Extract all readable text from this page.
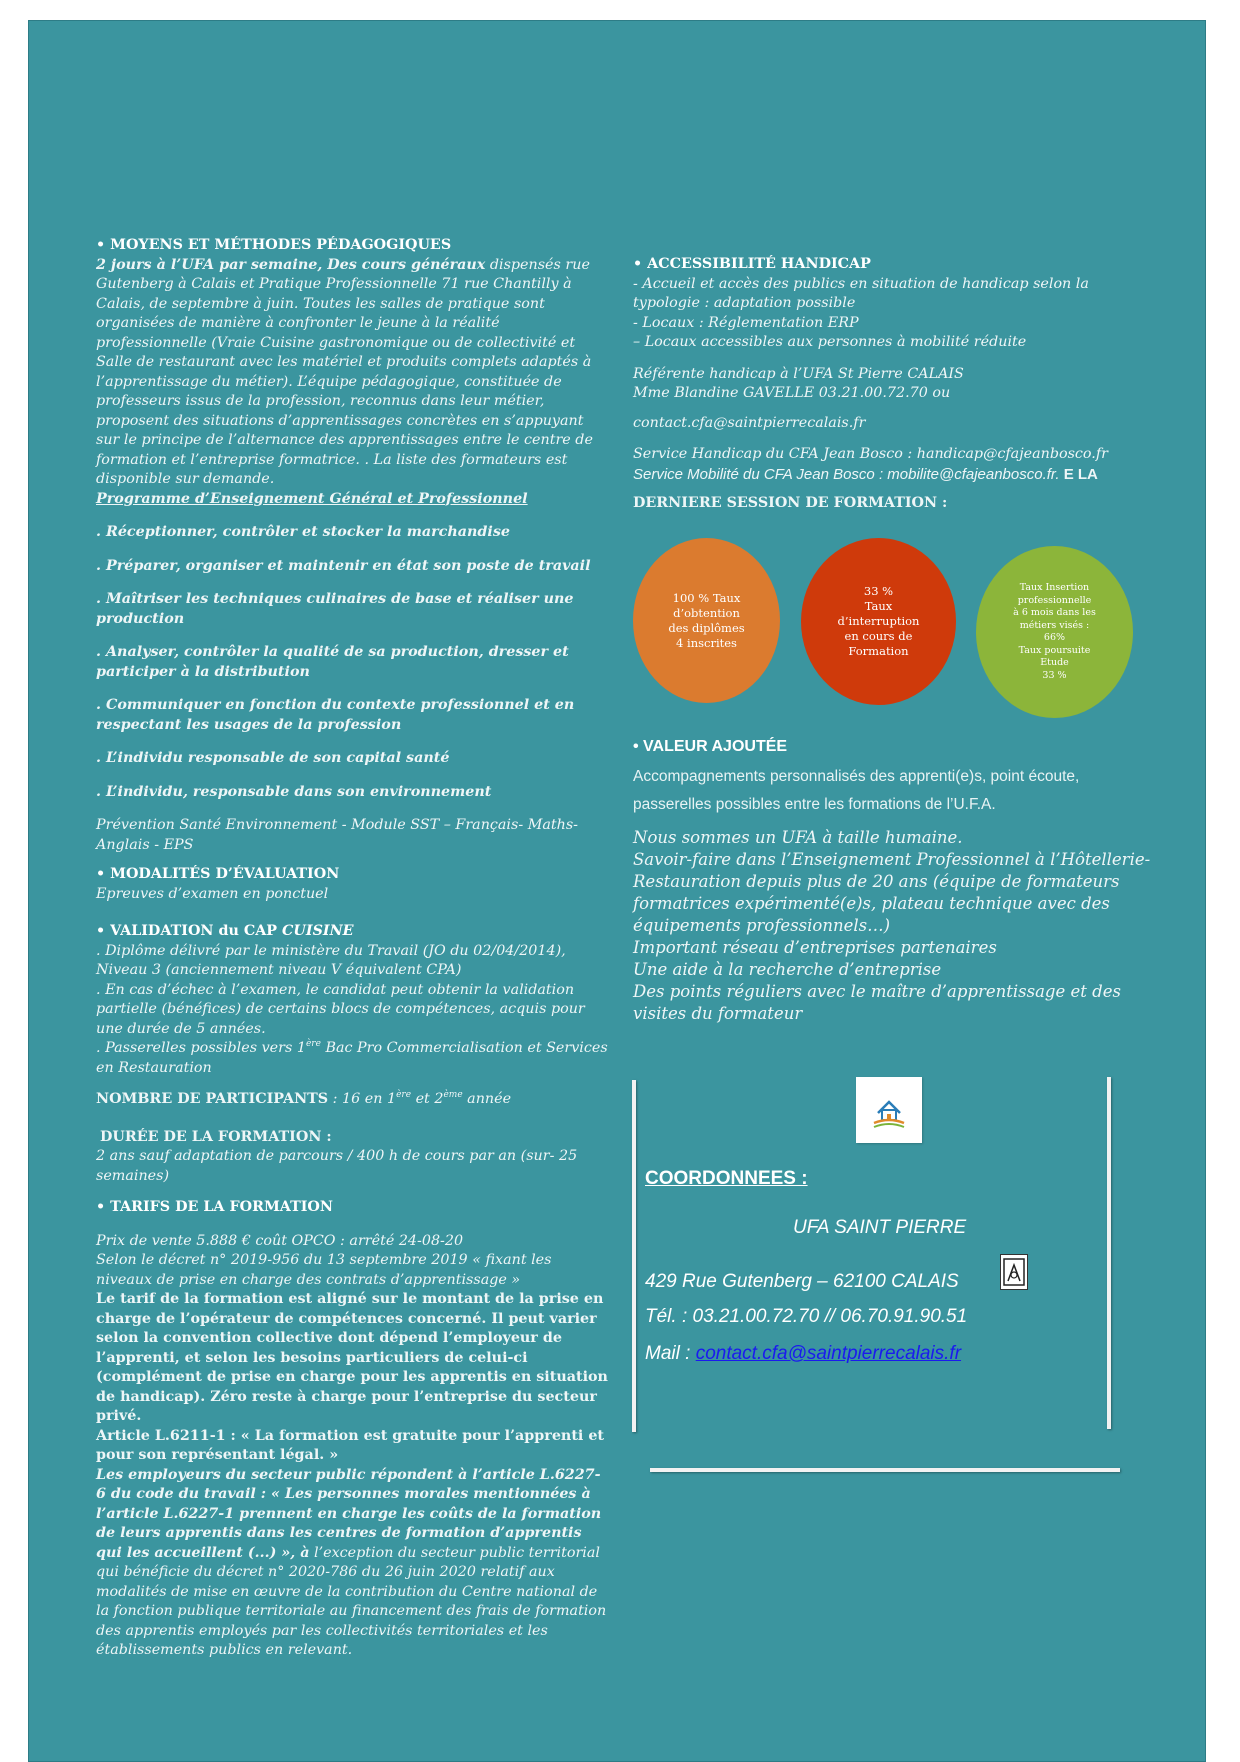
• MOYENS ET MÉTHODES PÉDAGOGIQUES

2 jours à l’UFA par semaine, Des cours généraux dispensés rue Gutenberg à Calais et Pratique Professionnelle 71 rue Chantilly à Calais, de septembre à juin. Toutes les salles de pratique sont organisées de manière à confronter le jeune à la réalité professionnelle (Vraie Cuisine gastronomique ou de collectivité et Salle de restaurant avec les matériel et produits complets adaptés à l’apprentissage du métier). L’équipe pédagogique, constituée de professeurs issus de la profession, reconnus dans leur métier, proposent des situations d’apprentissages concrètes en s’appuyant sur le principe de l’alternance des apprentissages entre le centre de formation et l’entreprise formatrice. . La liste des formateurs est disponible sur demande.

Programme d’Enseignement Général et Professionnel

. Réceptionner, contrôler et stocker la marchandise

. Préparer, organiser et maintenir en état son poste de travail

. Maîtriser les techniques culinaires de base et réaliser une production

. Analyser, contrôler la qualité de sa production, dresser et participer à la distribution

. Communiquer en fonction du contexte professionnel et en respectant les usages de la profession

. L’individu responsable de son capital santé

. L’individu, responsable dans son environnement

Prévention Santé Environnement - Module SST – Français- Maths- Anglais - EPS

• MODALITÉS D’ÉVALUATION

Epreuves d’examen en ponctuel

• VALIDATION du CAP CUISINE

. Diplôme délivré par le ministère du Travail (JO du 02/04/2014), Niveau 3 (anciennement niveau V équivalent CPA)

. En cas d’échec à l’examen, le candidat peut obtenir la validation partielle (bénéfices) de certains blocs de compétences, acquis pour une durée de 5 années.

. Passerelles possibles vers 1ère Bac Pro Commercialisation et Services en Restauration

NOMBRE DE PARTICIPANTS : 16 en 1ère et 2ème année

DURÉE DE LA FORMATION :

2 ans sauf adaptation de parcours / 400 h de cours par an (sur- 25 semaines)

• TARIFS DE LA FORMATION

Prix de vente 5.888 € coût OPCO : arrêté 24-08-20

Selon le décret n° 2019-956 du 13 septembre 2019 « fixant les niveaux de prise en charge des contrats d’apprentissage »

Le tarif de la formation est aligné sur le montant de la prise en charge de l’opérateur de compétences concerné. Il peut varier selon la convention collective dont dépend l’employeur de l’apprenti, et selon les besoins particuliers de celui-ci (complément de prise en charge pour les apprentis en situation de handicap). Zéro reste à charge pour l’entreprise du secteur privé.

Article L.6211-1 : « La formation est gratuite pour l’apprenti et pour son représentant légal. »

Les employeurs du secteur public répondent à l’article L.6227-6 du code du travail : « Les personnes morales mentionnées à l’article L.6227-1 prennent en charge les coûts de la formation de leurs apprentis dans les centres de formation d’apprentis qui les accueillent (...) », à l’exception du secteur public territorial qui bénéficie du décret n° 2020-786 du 26 juin 2020 relatif aux modalités de mise en œuvre de la contribution du Centre national de la fonction publique territoriale au financement des frais de formation des apprentis employés par les collectivités territoriales et les établissements publics en relevant.

• ACCESSIBILITÉ HANDICAP

- Accueil et accès des publics en situation de handicap selon la typologie : adaptation possible

- Locaux : Réglementation ERP

– Locaux accessibles aux personnes à mobilité réduite

Référente handicap à l’UFA St Pierre CALAIS

Mme Blandine GAVELLE 03.21.00.72.70 ou

contact.cfa@saintpierrecalais.fr

Service Handicap du CFA Jean Bosco : handicap@cfajeanbosco.fr

Service Mobilité du CFA Jean Bosco : mobilite@cfajeanbosco.fr. E LA

DERNIERE SESSION DE FORMATION :

100 % Taux
d’obtention
des diplômes
4 inscrites
33 %
Taux
d’interruption
en cours de
Formation
Taux Insertion
professionnelle
à 6 mois dans les
métiers visés :
66%
Taux poursuite
Etude
33 %

• VALEUR AJOUTÉE

Accompagnements personnalisés des apprenti(e)s, point écoute, passerelles possibles entre les formations de l’U.F.A.

Nous sommes un UFA à taille humaine.

Savoir-faire dans l’Enseignement Professionnel à l’Hôtellerie-Restauration depuis plus de 20 ans (équipe de formateurs formatrices expérimenté(e)s, plateau technique avec des équipements professionnels…)

Important réseau d’entreprises partenaires

Une aide à la recherche d’entreprise

Des points réguliers avec le maître d’apprentissage et des visites du formateur

COORDONNEES :
UFA SAINT PIERRE
429 Rue Gutenberg – 62100 CALAIS
Tél. : 03.21.00.72.70 // 06.70.91.90.51
Mail : contact.cfa@saintpierrecalais.fr
